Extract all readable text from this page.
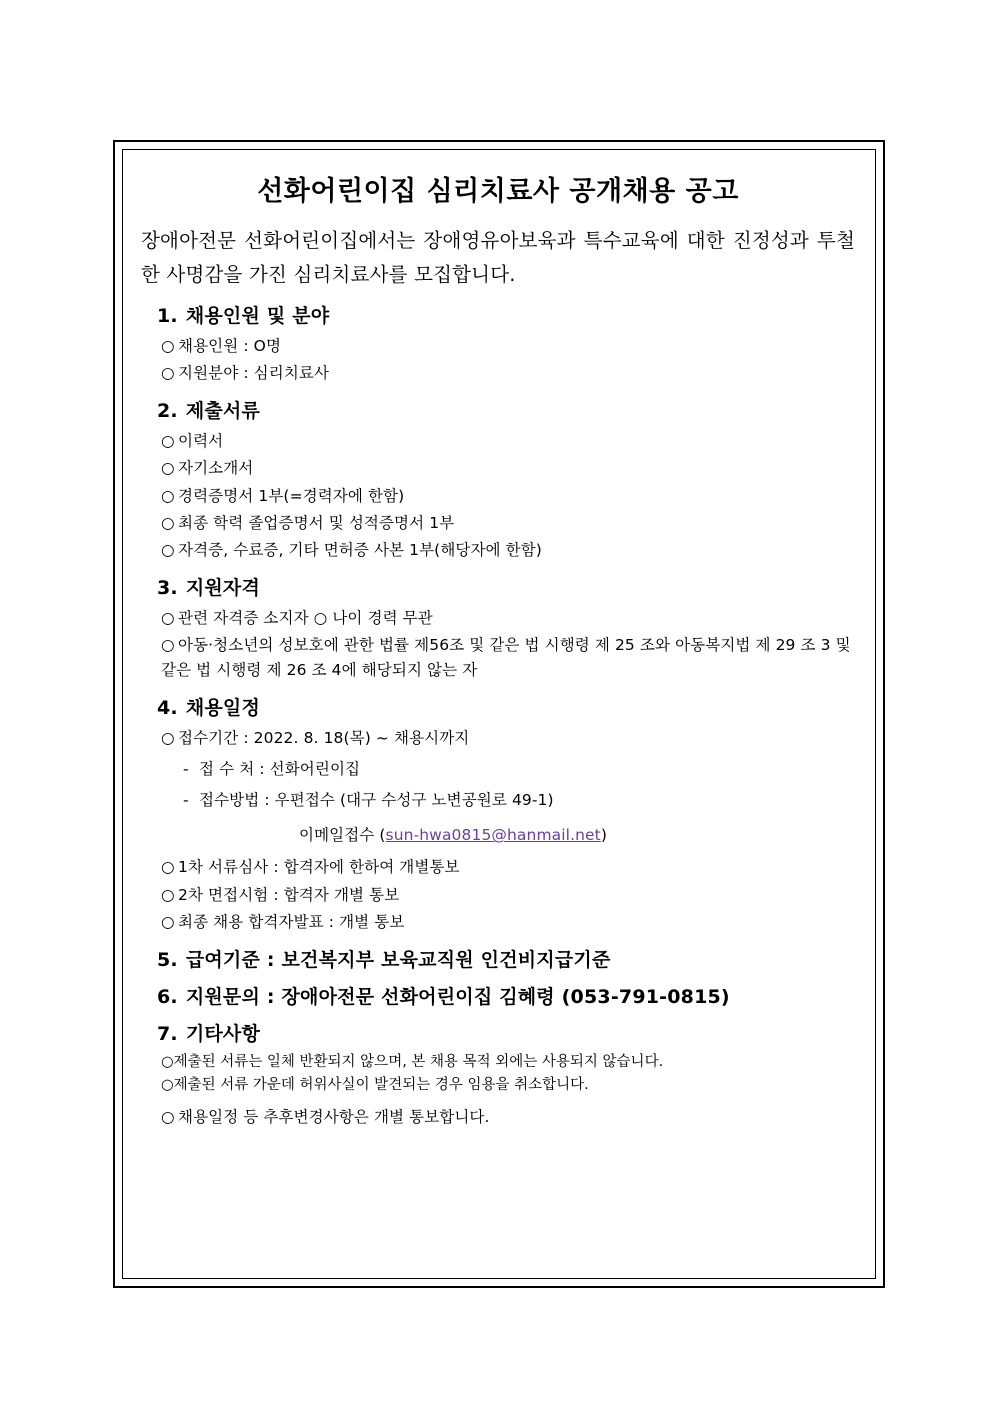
선화어린이집 심리치료사 공개채용 공고
장애아전문 선화어린이집에서는 장애영유아보육과 특수교육에 대한 진정성과 투철한 사명감을 가진 심리치료사를 모집합니다.
1. 채용인원 및 분야
○ 채용인원 : O명
○ 지원분야 : 심리치료사
2. 제출서류
○ 이력서
○ 자기소개서
○ 경력증명서 1부(=경력자에 한함)
○ 최종 학력 졸업증명서 및 성적증명서 1부
○ 자격증, 수료증, 기타 면허증 사본 1부(해당자에 한함)
3. 지원자격
○ 관련 자격증 소지자 ○ 나이 경력 무관
○ 아동·청소년의 성보호에 관한 법률 제56조 및 같은 법 시행령 제 25 조와 아동복지법 제 29 조 3 및 같은 법 시행령 제 26 조 4에 해당되지 않는 자
4. 채용일정
○ 접수기간 : 2022. 8. 18(목) ~ 채용시까지
- 접 수 처 : 선화어린이집
- 접수방법 : 우편접수 (대구 수성구 노변공원로 49-1)
이메일접수 (sun-hwa0815@hanmail.net)
○ 1차 서류심사 : 합격자에 한하여 개별통보
○ 2차 면접시험 : 합격자 개별 통보
○ 최종 채용 합격자발표 : 개별 통보
5. 급여기준 : 보건복지부 보육교직원 인건비지급기준
6. 지원문의 : 장애아전문 선화어린이집 김혜령 (053-791-0815)
7. 기타사항
○제출된 서류는 일체 반환되지 않으며, 본 채용 목적 외에는 사용되지 않습니다.
○제출된 서류 가운데 허위사실이 발견되는 경우 임용을 취소합니다.
○ 채용일정 등 추후변경사항은 개별 통보합니다.
